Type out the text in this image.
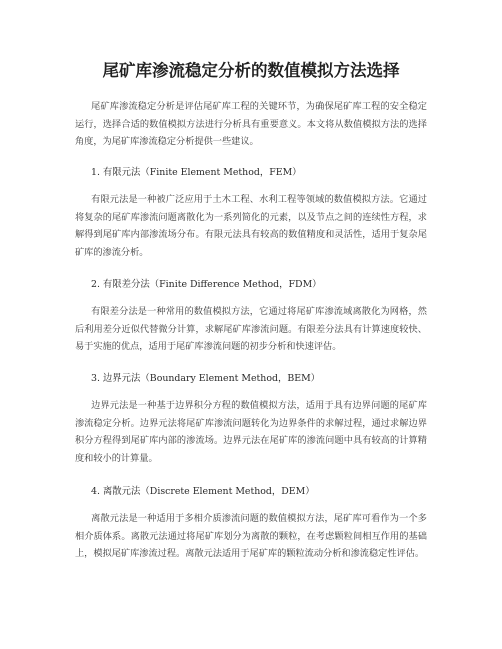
尾矿库渗流稳定分析的数值模拟方法选择

尾矿库渗流稳定分析是评估尾矿库工程的关键环节，为确保尾矿库工程的安全稳定运行，选择合适的数值模拟方法进行分析具有重要意义。本文将从数值模拟方法的选择角度，为尾矿库渗流稳定分析提供一些建议。

1. 有限元法（Finite Element Method，FEM）

有限元法是一种被广泛应用于土木工程、水利工程等领域的数值模拟方法。它通过将复杂的尾矿库渗流问题离散化为一系列简化的元素，以及节点之间的连续性方程，求解得到尾矿库内部渗流场分布。有限元法具有较高的数值精度和灵活性，适用于复杂尾矿库的渗流分析。

2. 有限差分法（Finite Difference Method，FDM）

有限差分法是一种常用的数值模拟方法，它通过将尾矿库渗流域离散化为网格，然后利用差分近似代替微分计算，求解尾矿库渗流问题。有限差分法具有计算速度较快、易于实施的优点，适用于尾矿库渗流问题的初步分析和快速评估。

3. 边界元法（Boundary Element Method，BEM）

边界元法是一种基于边界积分方程的数值模拟方法，适用于具有边界问题的尾矿库渗流稳定分析。边界元法将尾矿库渗流问题转化为边界条件的求解过程，通过求解边界积分方程得到尾矿库内部的渗流场。边界元法在尾矿库的渗流问题中具有较高的计算精度和较小的计算量。

4. 离散元法（Discrete Element Method，DEM）

离散元法是一种适用于多相介质渗流问题的数值模拟方法，尾矿库可看作为一个多相介质体系。离散元法通过将尾矿库划分为离散的颗粒，在考虑颗粒间相互作用的基础上，模拟尾矿库渗流过程。离散元法适用于尾矿库的颗粒流动分析和渗流稳定性评估。
